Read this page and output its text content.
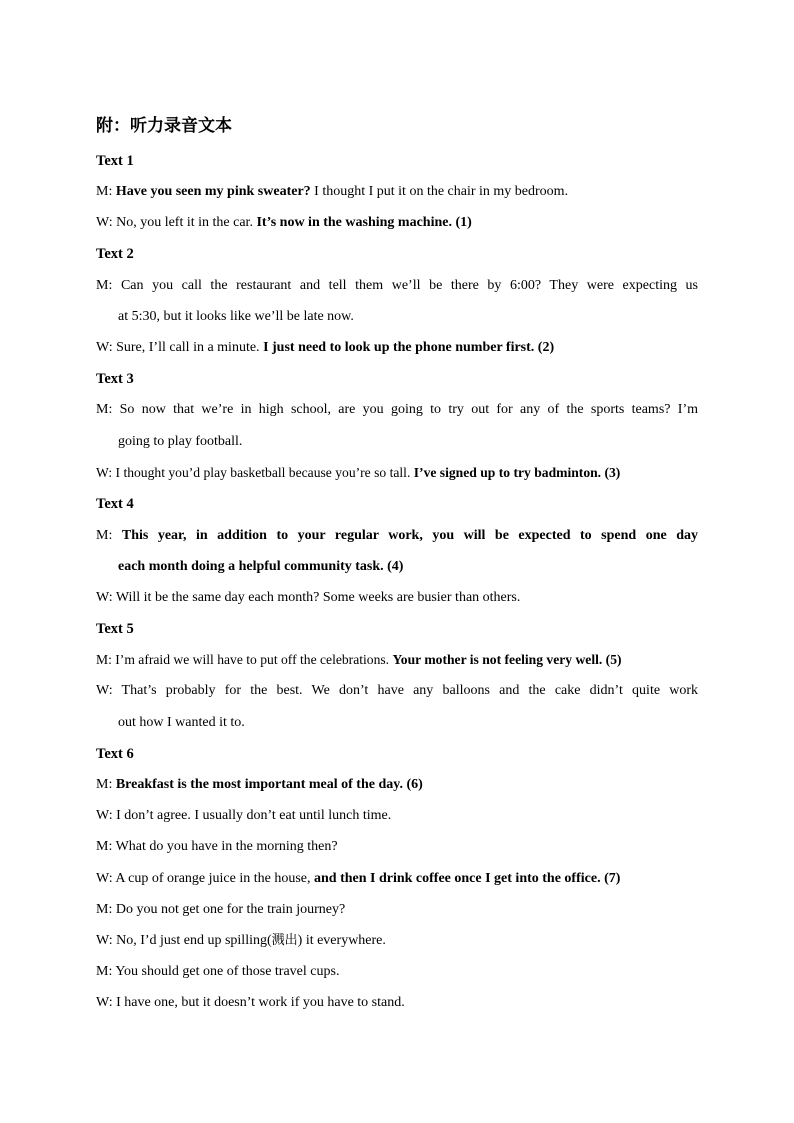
附：听力录音文本
Text 1
M: Have you seen my pink sweater? I thought I put it on the chair in my bedroom.
W: No, you left it in the car. It’s now in the washing machine. (1)
Text 2
M: Can you call the restaurant and tell them we’ll be there by 6:00? They were expecting us
at 5:30, but it looks like we’ll be late now.
W: Sure, I’ll call in a minute. I just need to look up the phone number first. (2)
Text 3
M: So now that we’re in high school, are you going to try out for any of the sports teams? I’m
going to play football.
W: I thought you’d play basketball because you’re so tall. I’ve signed up to try badminton. (3)
Text 4
M: This year, in addition to your regular work, you will be expected to spend one day
each month doing a helpful community task. (4)
W: Will it be the same day each month? Some weeks are busier than others.
Text 5
M: I’m afraid we will have to put off the celebrations. Your mother is not feeling very well. (5)
W: That’s probably for the best. We don’t have any balloons and the cake didn’t quite work
out how I wanted it to.
Text 6
M: Breakfast is the most important meal of the day. (6)
W: I don’t agree. I usually don’t eat until lunch time.
M: What do you have in the morning then?
W: A cup of orange juice in the house, and then I drink coffee once I get into the office. (7)
M: Do you not get one for the train journey?
W: No, I’d just end up spilling(溅出) it everywhere.
M: You should get one of those travel cups.
W: I have one, but it doesn’t work if you have to stand.
